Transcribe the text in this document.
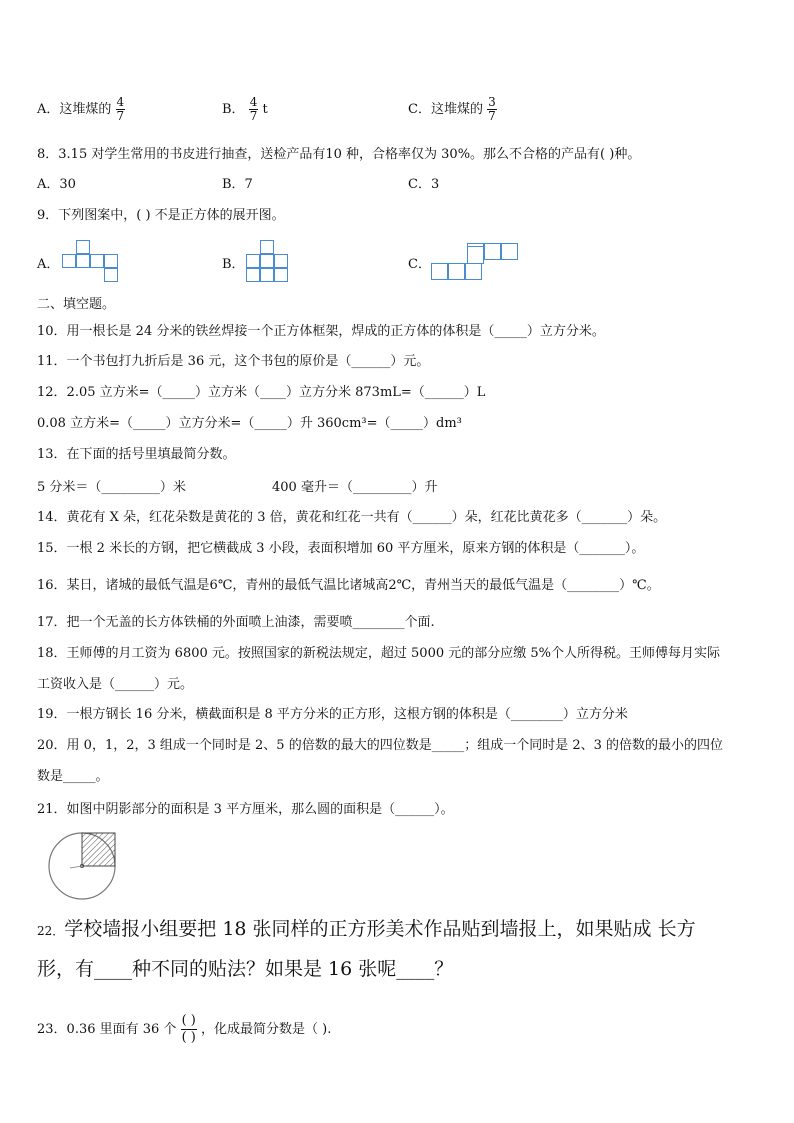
A．这堆煤的 $\frac{4}{7}$	B． $\frac{4}{7}$ t	C．这堆煤的 $\frac{3}{7}$
8．3.15 对学生常用的书皮进行抽查，送检产品有10 种，合格率仅为 30%。那么不合格的产品有( )种。
A．30	B．7	C．3
9．下列图案中，( ) 不是正方体的展开图。
A．	B．	C．
二、填空题。
10．用一根长是 24 分米的铁丝焊接一个正方体框架，焊成的正方体的体积是（_____）立方分米。
11．一个书包打九折后是 36 元，这个书包的原价是（______）元。
12．2.05 立方米=（_____）立方米（____）立方分米 873mL=（______）L
0.08 立方米=（_____）立方分米=（_____）升 360cm³=（_____）dm³
13．在下面的括号里填最简分数。
5 分米＝（_________）米	400 毫升＝（_________）升
14．黄花有 X 朵，红花朵数是黄花的 3 倍，黄花和红花一共有（______）朵，红花比黄花多（_______）朵。
15．一根 2 米长的方钢，把它横截成 3 小段，表面积增加 60 平方厘米，原来方钢的体积是（_______）。
16．某日，诸城的最低气温是6℃，青州的最低气温比诸城高2℃，青州当天的最低气温是（________）℃。
17．把一个无盖的长方体铁桶的外面喷上油漆，需要喷________个面.
18．王师傅的月工资为 6800 元。按照国家的新税法规定，超过 5000 元的部分应缴 5%个人所得税。王师傅每月实际
工资收入是（______）元。
19．一根方钢长 16 分米，横截面积是 8 平方分米的正方形，这根方钢的体积是（________）立方分米
20．用 0，1，2，3 组成一个同时是 2、5 的倍数的最大的四位数是_____；组成一个同时是 2、3 的倍数的最小的四位
数是_____。
21．如图中阴影部分的面积是 3 平方厘米，那么圆的面积是（______）。
22．学校墙报小组要把 18 张同样的正方形美术作品贴到墙报上，如果贴成 长方
形，有____种不同的贴法？如果是 16 张呢____？
23．0.36 里面有 36 个 $\frac{( )}{( )}$ ，化成最简分数是（ ).
